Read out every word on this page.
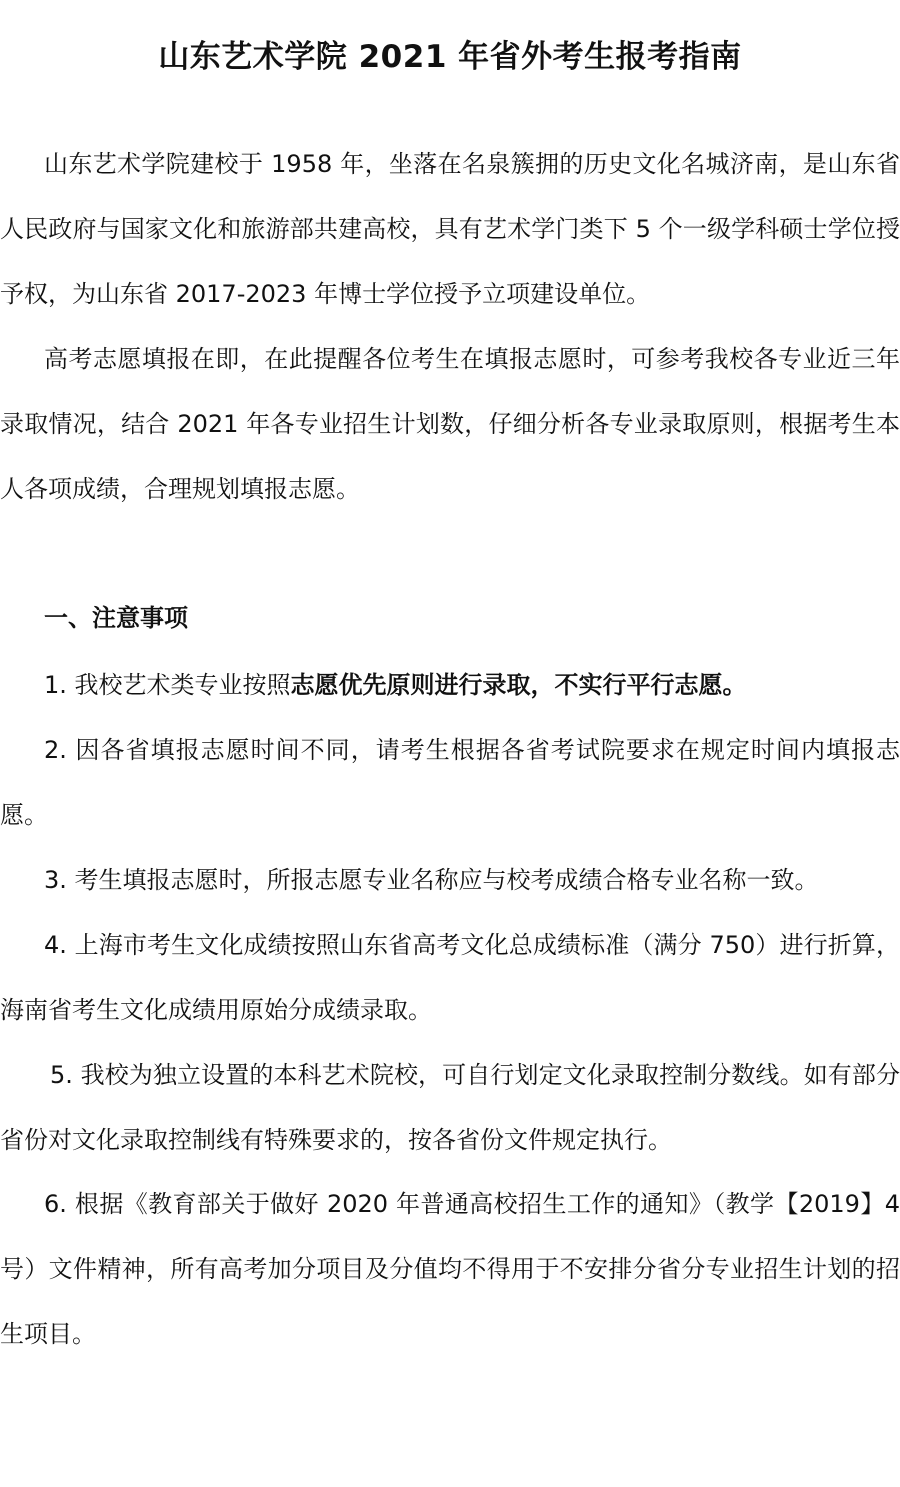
山东艺术学院 2021 年省外考生报考指南

山东艺术学院建校于 1958 年，坐落在名泉簇拥的历史文化名城济南，是山东省人民政府与国家文化和旅游部共建高校，具有艺术学门类下 5 个一级学科硕士学位授予权，为山东省 2017-2023 年博士学位授予立项建设单位。

高考志愿填报在即，在此提醒各位考生在填报志愿时，可参考我校各专业近三年录取情况，结合 2021 年各专业招生计划数，仔细分析各专业录取原则，根据考生本人各项成绩，合理规划填报志愿。

一、注意事项

1. 我校艺术类专业按照志愿优先原则进行录取，不实行平行志愿。

2. 因各省填报志愿时间不同，请考生根据各省考试院要求在规定时间内填报志愿。

3. 考生填报志愿时，所报志愿专业名称应与校考成绩合格专业名称一致。

4. 上海市考生文化成绩按照山东省高考文化总成绩标准（满分 750）进行折算，海南省考生文化成绩用原始分成绩录取。

5. 我校为独立设置的本科艺术院校，可自行划定文化录取控制分数线。如有部分省份对文化录取控制线有特殊要求的，按各省份文件规定执行。

6. 根据《教育部关于做好 2020 年普通高校招生工作的通知》（教学【2019】4 号）文件精神，所有高考加分项目及分值均不得用于不安排分省分专业招生计划的招生项目。
